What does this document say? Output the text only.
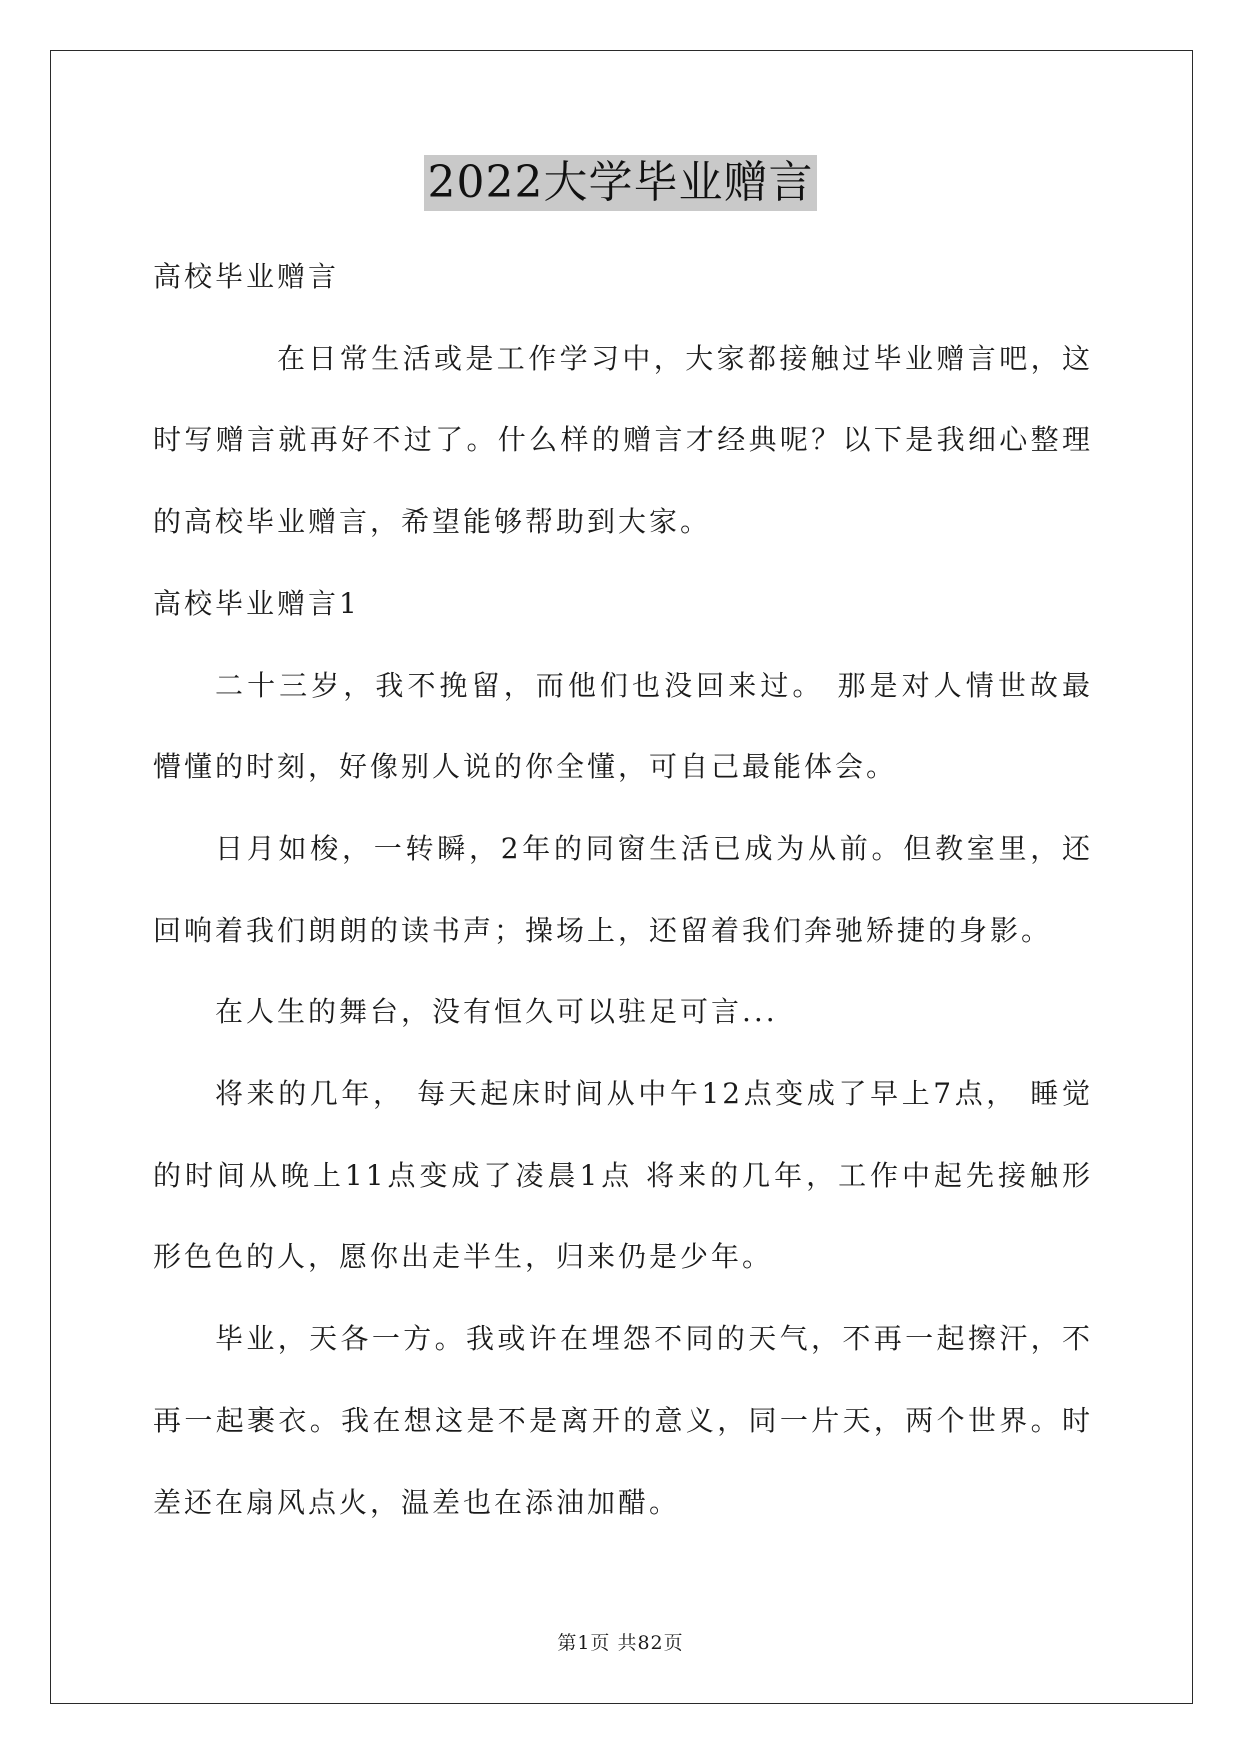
2022大学毕业赠言

高校毕业赠言

在日常生活或是工作学习中，大家都接触过毕业赠言吧，这时写赠言就再好不过了。什么样的赠言才经典呢？以下是我细心整理的高校毕业赠言，希望能够帮助到大家。

高校毕业赠言1

二十三岁，我不挽留，而他们也没回来过。 那是对人情世故最懵懂的时刻，好像别人说的你全懂，可自己最能体会。

日月如梭，一转瞬，2年的同窗生活已成为从前。但教室里，还回响着我们朗朗的读书声；操场上，还留着我们奔驰矫捷的身影。

在人生的舞台，没有恒久可以驻足可言...

将来的几年， 每天起床时间从中午12点变成了早上7点， 睡觉的时间从晚上11点变成了凌晨1点 将来的几年，工作中起先接触形形色色的人，愿你出走半生，归来仍是少年。

毕业，天各一方。我或许在埋怨不同的天气，不再一起擦汗，不再一起裹衣。我在想这是不是离开的意义，同一片天，两个世界。时差还在扇风点火，温差也在添油加醋。

第1页 共82页
